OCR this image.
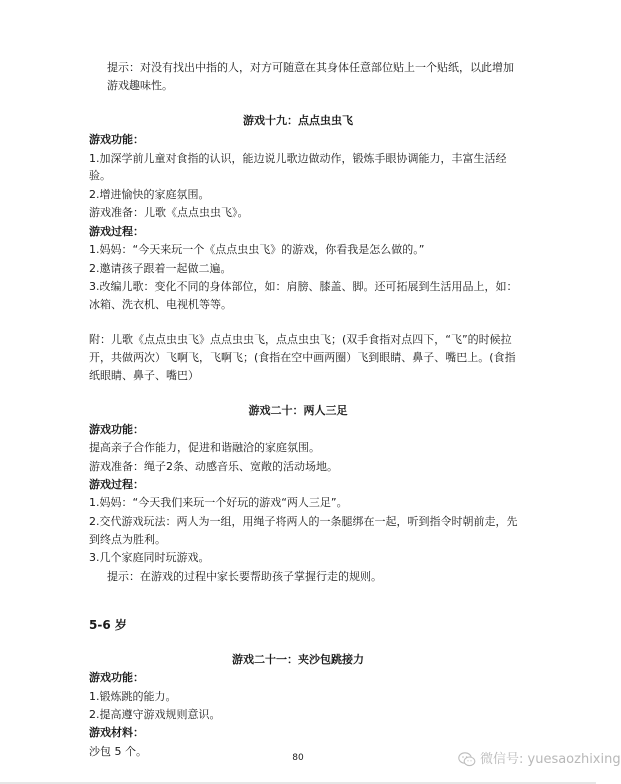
提示：对没有找出中指的人，对方可随意在其身体任意部位贴上一个贴纸，以此增加
游戏趣味性。
游戏十九：点点虫虫飞
游戏功能：
1.加深学前儿童对食指的认识，能边说儿歌边做动作，锻炼手眼协调能力，丰富生活经
验。
2.增进愉快的家庭氛围。
游戏准备：儿歌《点点虫虫飞》。
游戏过程：
1.妈妈：“今天来玩一个《点点虫虫飞》的游戏，你看我是怎么做的。”
2.邀请孩子跟着一起做二遍。
3.改编儿歌：变化不同的身体部位，如：肩膀、膝盖、脚。还可拓展到生活用品上，如：
冰箱、洗衣机、电视机等等。
附：儿歌《点点虫虫飞》点点虫虫飞，点点虫虫飞；(双手食指对点四下，“飞”的时候拉
开，共做两次）飞啊飞，飞啊飞；(食指在空中画两圈）飞到眼睛、鼻子、嘴巴上。(食指
纸眼睛、鼻子、嘴巴）
游戏二十：两人三足
游戏功能：
提高亲子合作能力，促进和谐融洽的家庭氛围。
游戏准备：绳子2条、动感音乐、宽敞的活动场地。
游戏过程：
1.妈妈：“今天我们来玩一个好玩的游戏“两人三足”。
2.交代游戏玩法：两人为一组，用绳子将两人的一条腿绑在一起，听到指令时朝前走，先
到终点为胜利。
3.几个家庭同时玩游戏。
提示：在游戏的过程中家长要帮助孩子掌握行走的规则。
5-6 岁
游戏二十一：夹沙包跳接力
游戏功能：
1.锻炼跳的能力。
2.提高遵守游戏规则意识。
游戏材料：
沙包 5 个。	80	微信号: yuesaozhixing
